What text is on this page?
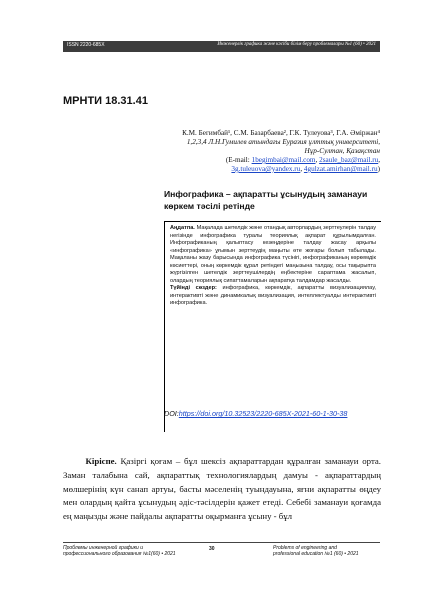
ISSN 2220-685X	Инженерлік графика және кәсіби білім беру проблемалары №1 (60) • 2021
МРНТИ 18.31.41
К.М. Бегимбай¹, С.М. Базарбаева², Г.К. Тулеуова³, Г.А. Әміржан⁴
1,2,3,4 Л.Н.Гумилев атындағы Еуразия ұлттық университеті,
Нұр-Султан, Қазақстан
(E-mail: 1begimbai@mail.com, 2saule_baz@mail.ru,
3g.tuleuova@yandex.ru, 4gulzat.amirhan@mail.ru)
Инфографика – ақпаратты ұсынудың заманауи көркем тәсілі ретінде
Аңдатпа. Мақалада шетелдік және отандық авторлардың зерттеулерін талдау негізінде инфографика туралы теориялық ақпарат құрылымдалған. Инфографиканың қалыптасу кезеңдеріне талдау жасау арқылы «инфографика» ұғымын зерттеудің маңыты өте жоғары болып табылады. Мақаланы жазу барысында инфографика түсінігі, инфографиканың көркемдік көсиеттері, оның көркемдік құрал ретіндегі маңызына талдау, осы тақырыпта жүргізілген шетелдік зерттеушілердің еңбектеріне сараптама жасалып, олардың теориялық сипаттамаларын ақпаратқа талдамдар жасалды.
Түйінді сөздер: инфографика, көркемдік, ақпаратты визуализациялау, интерактивті және динамикалық визуализация, интеллектуалды интерактивті инфографика.
DOI:https://doi.org/10.32523/2220-685X-2021-60-1-30-38
Кіріспе. Қазіргі қоғам – бұл шексіз ақпараттардан құралған заманауи орта. Заман талабына сай, ақпараттық технологиялардың дамуы - ақпараттардың мөлшерінің күн санап артуы, басты мәселенің туындауына, яғни ақпаратты өңдеу мен олардың қайта ұсынудың әдіс-тәсілдерін қажет етеді. Себебі заманауи қоғамда ең маңызды және пайдалы ақпаратты оқырманға ұсыну - бұл
Проблемы инженерной графики и
профессионального образования №1(60) • 2021
30	Problems of engineering and
professional education №1 (60) • 2021
